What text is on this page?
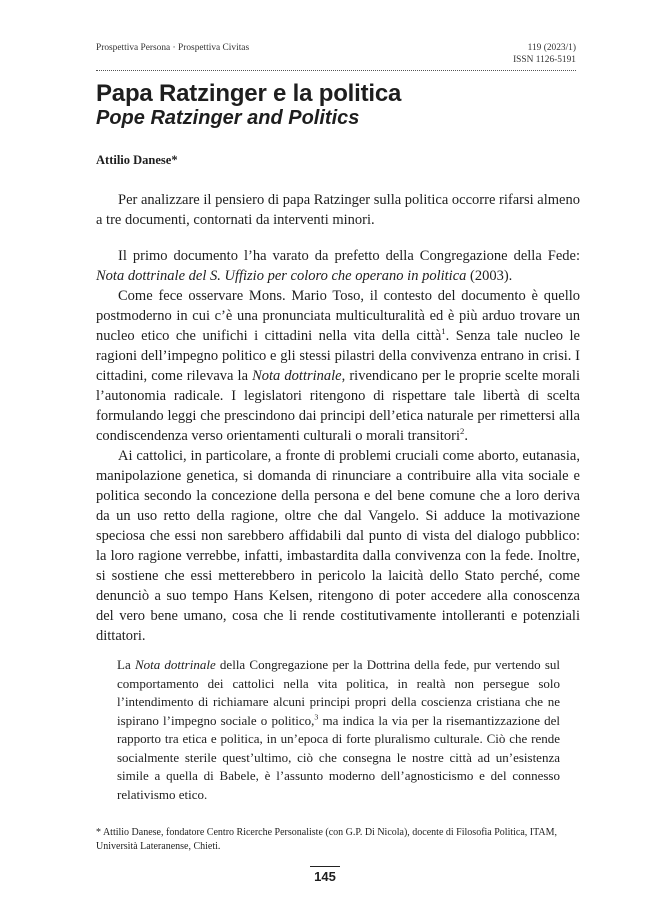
Prospettiva Persona · Prospettiva Civitas	119 (2023/1)
ISSN 1126-5191
Papa Ratzinger e la politica
Pope Ratzinger and Politics
Attilio Danese*

Per analizzare il pensiero di papa Ratzinger sulla politica occorre rifarsi almeno a tre documenti, contornati da interventi minori.

Il primo documento l’ha varato da prefetto della Congregazione della Fede: Nota dottrinale del S. Uffizio per coloro che operano in politica (2003).

Come fece osservare Mons. Mario Toso, il contesto del documento è quello postmoderno in cui c’è una pronunciata multiculturalità ed è più arduo trovare un nucleo etico che unifichi i cittadini nella vita della città$^1$. Senza tale nucleo le ragioni dell’impegno politico e gli stessi pilastri della convivenza entrano in crisi. I cittadini, come rilevava la Nota dottrinale, rivendicano per le proprie scelte morali l’autonomia radicale. I legislatori ritengono di rispettare tale libertà di scelta formulando leggi che prescindono dai principi dell’etica naturale per rimettersi alla condiscendenza verso orientamenti culturali o morali transitori$^2$.

Ai cattolici, in particolare, a fronte di problemi cruciali come aborto, eutanasia, manipolazione genetica, si domanda di rinunciare a contribuire alla vita sociale e politica secondo la concezione della persona e del bene comune che a loro deriva da un uso retto della ragione, oltre che dal Vangelo. Si adduce la motivazione speciosa che essi non sarebbero affidabili dal punto di vista del dialogo pubblico: la loro ragione verrebbe, infatti, imbastardita dalla convivenza con la fede. Inoltre, si sostiene che essi metterebbero in pericolo la laicità dello Stato perché, come denunciò a suo tempo Hans Kelsen, ritengono di poter accedere alla conoscenza del vero bene umano, cosa che li rende costitutivamente intolleranti e potenziali dittatori.

La Nota dottrinale della Congregazione per la Dottrina della fede, pur vertendo sul comportamento dei cattolici nella vita politica, in realtà non persegue solo l’intendimento di richiamare alcuni principi propri della coscienza cristiana che ne ispirano l’impegno sociale o politico,$^3$ ma indica la via per la risemantizzazione del rapporto tra etica e politica, in un’epoca di forte pluralismo culturale. Ciò che rende socialmente sterile quest’ultimo, ciò che consegna le nostre città ad un’esistenza simile a quella di Babele, è l’assunto moderno dell’agnosticismo e del connesso relativismo etico.

* Attilio Danese, fondatore Centro Ricerche Personaliste (con G.P. Di Nicola), docente di Filosofia Politica, ITAM, Università Lateranense, Chieti.

145
